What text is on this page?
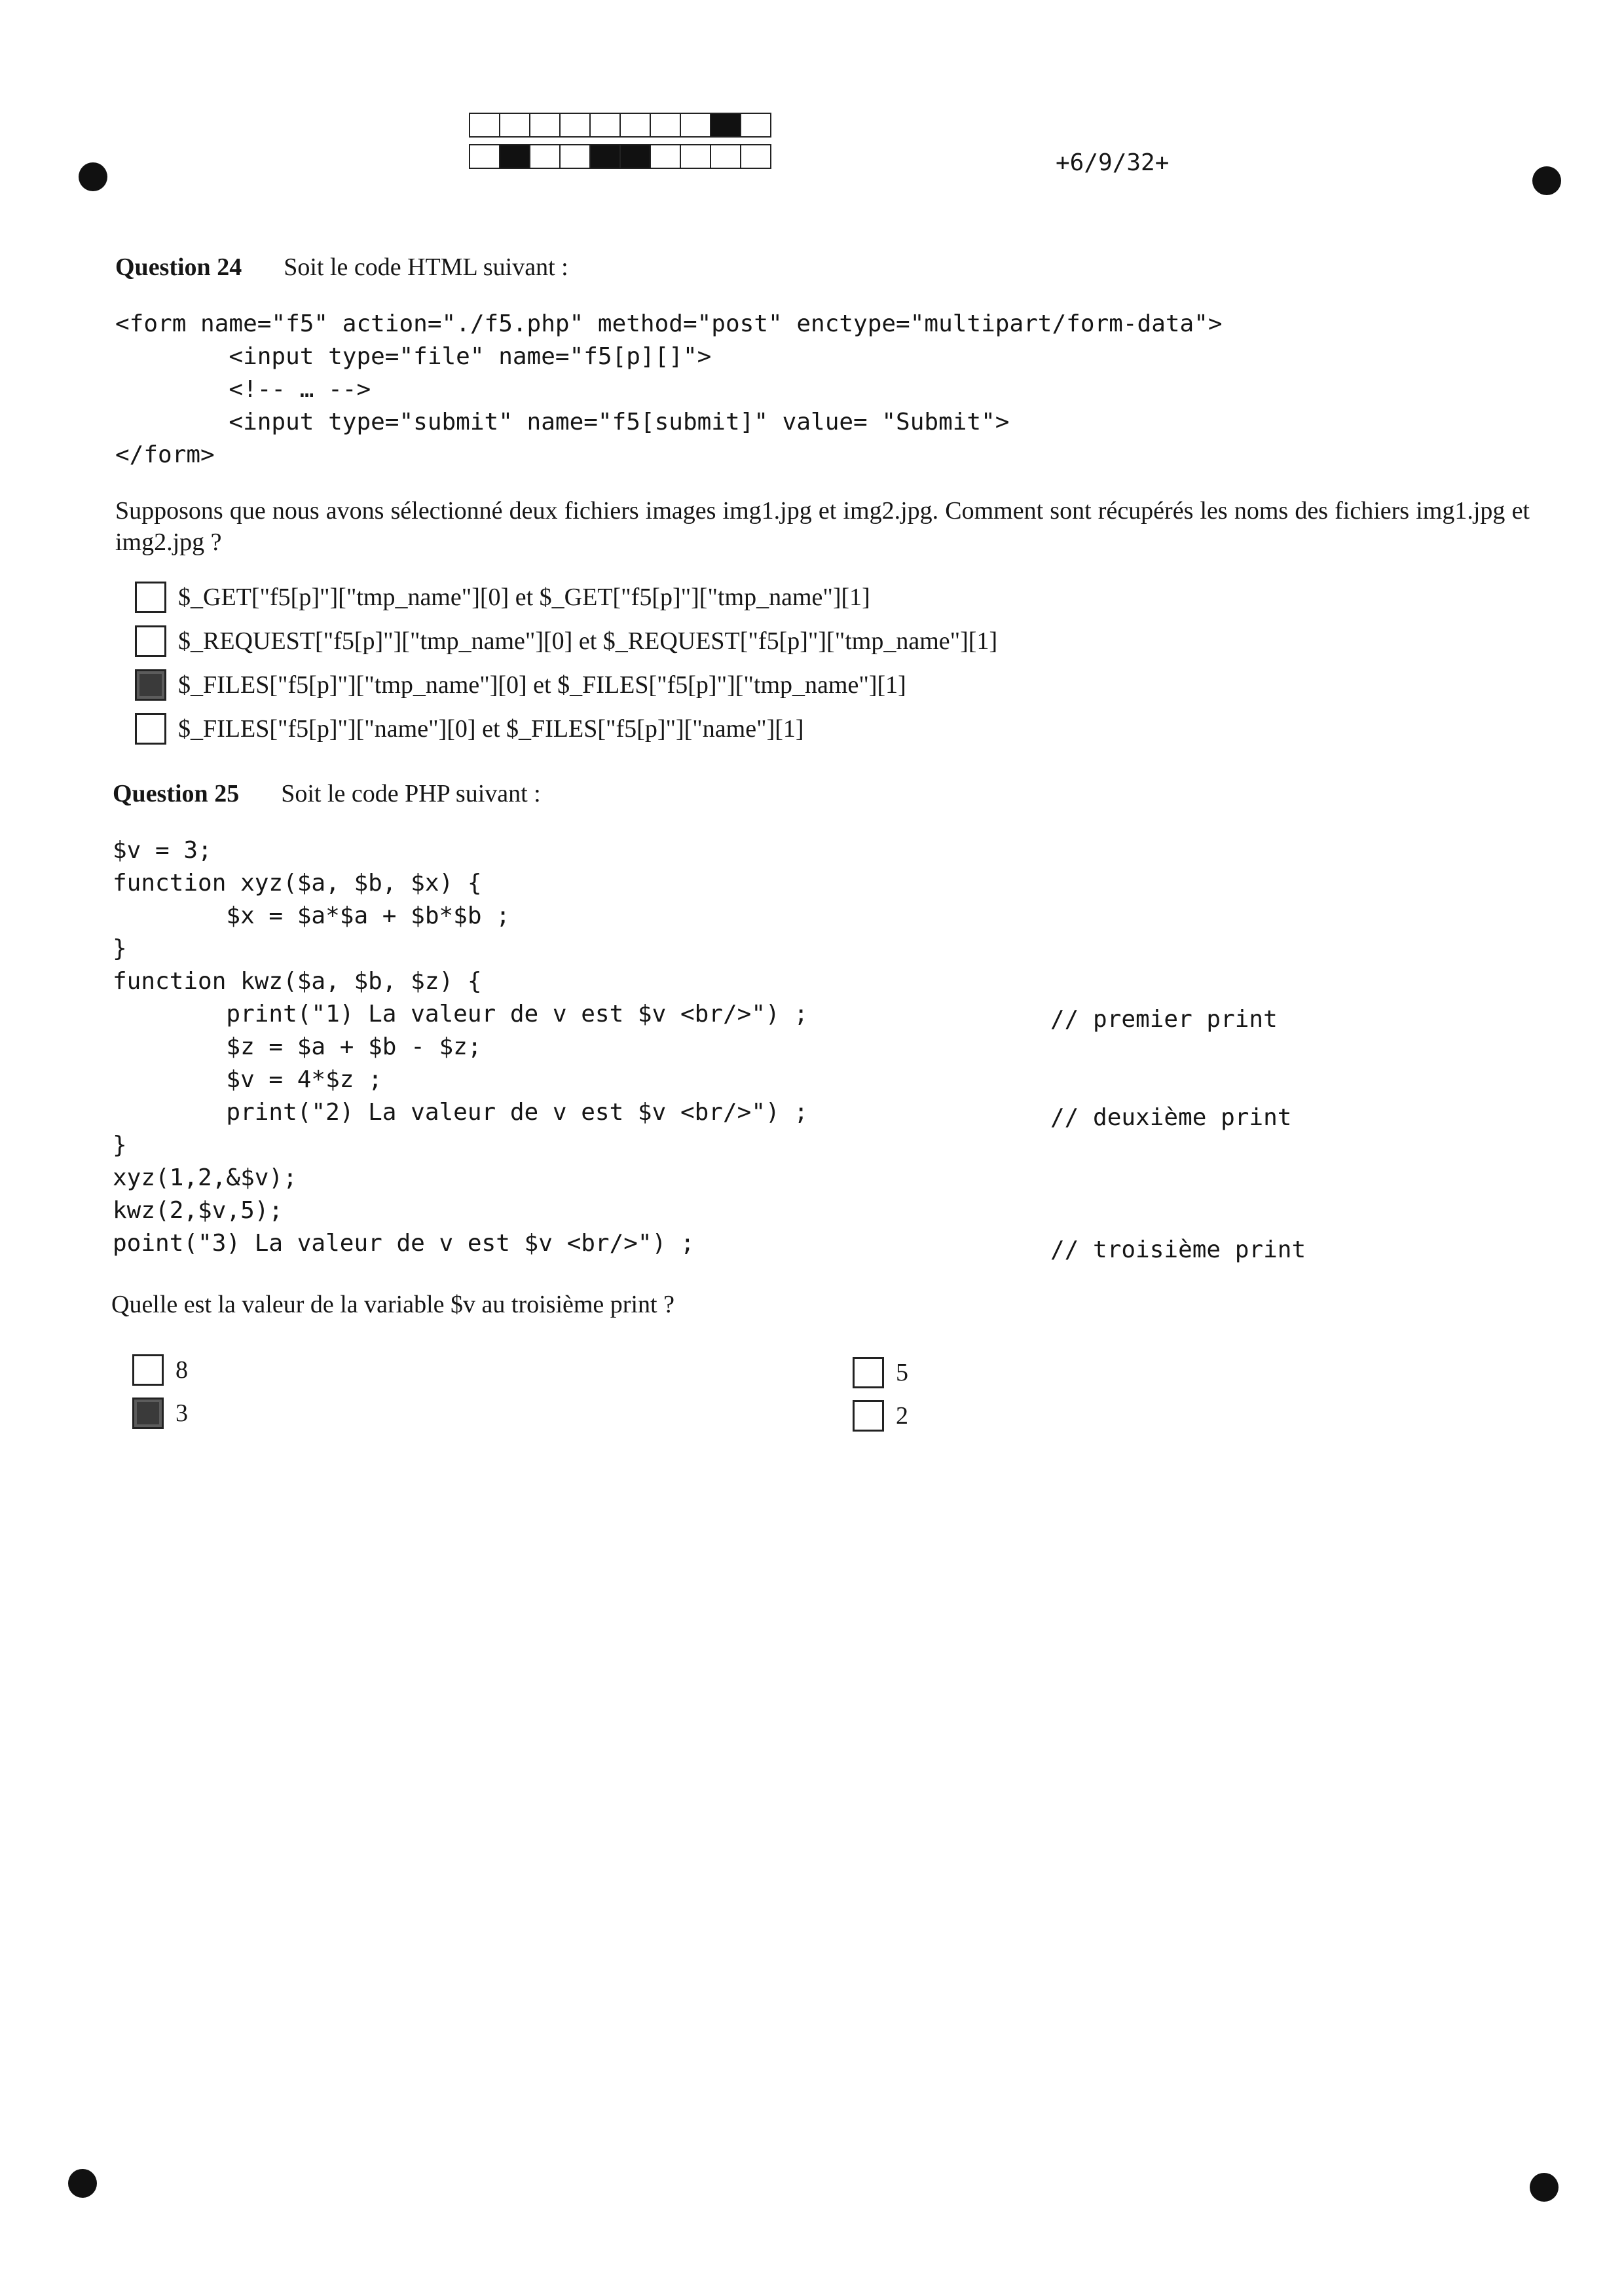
+6/9/32+
Question 24 Soit le code HTML suivant :
<form name="f5" action="./f5.php" method="post" enctype="multipart/form-data">
<input type="file" name="f5[p][]">
<!-- … -->
<input type="submit" name="f5[submit]" value= "Submit">
</form>
Supposons que nous avons sélectionné deux fichiers images img1.jpg et img2.jpg. Comment sont récupérés les noms des fichiers img1.jpg et img2.jpg ?
$_GET["f5[p]"]["tmp_name"][0] et $_GET["f5[p]"]["tmp_name"][1]
$_REQUEST["f5[p]"]["tmp_name"][0] et $_REQUEST["f5[p]"]["tmp_name"][1]
$_FILES["f5[p]"]["tmp_name"][0] et $_FILES["f5[p]"]["tmp_name"][1]
$_FILES["f5[p]"]["name"][0] et $_FILES["f5[p]"]["name"][1]
Question 25 Soit le code PHP suivant :
$v = 3;
function xyz($a, $b, $x) {
$x = $a*$a + $b*$b ;
}
function kwz($a, $b, $z) {
print("1) La valeur de v est $v <br/>") ;
$z = $a + $b - $z;
$v = 4*$z ;
print("2) La valeur de v est $v <br/>") ;
}
xyz(1,2,&$v);
kwz(2,$v,5);
point("3) La valeur de v est $v <br/>") ;
// premier print
// deuxième print
// troisième print
Quelle est la valeur de la variable $v au troisième print ?
8
3
5
2
